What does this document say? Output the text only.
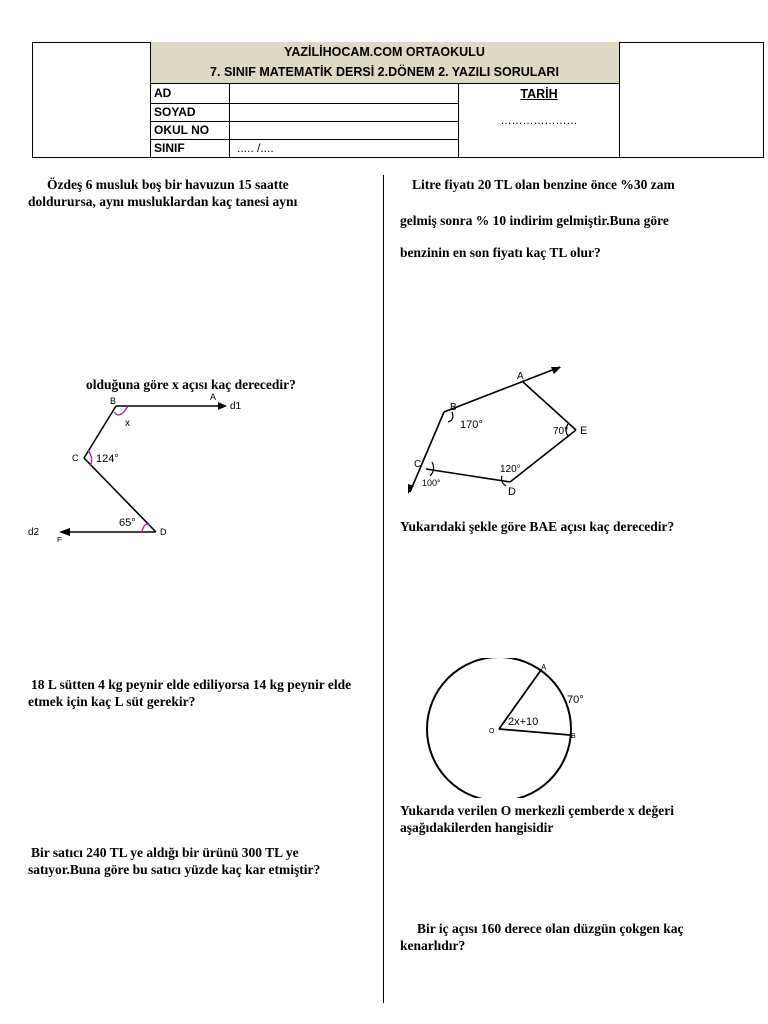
YAZİLİHOCAM.COM ORTAOKULU
7. SINIF MATEMATİK DERSİ 2.DÖNEM 2. YAZILI SORULARI
AD
SOYAD
OKUL NO
SINIF	..... /....
TARİH
…………………
Özdeş 6 musluk boş bir havuzun 15 saatte doldurursa, aynı musluklardan kaç tanesi aynı
olduğuna göre x açısı kaç derecedir?
B	A
d1
x
C 124°
65°
D
d2
E
18 L sütten 4 kg peynir elde ediliyorsa 14 kg peynir elde etmek için kaç L süt gerekir?
Bir satıcı 240 TL ye aldığı bir ürünü 300 TL ye satıyor.Buna göre bu satıcı yüzde kaç kar etmiştir?
Litre fiyatı 20 TL olan benzine önce %30 zam
gelmiş sonra % 10 indirim gelmiştir.Buna göre
benzinin en son fiyatı kaç TL olur?
A
B
170°
70° E
C	120°
100°
D
Yukarıdaki şekle göre BAE açısı kaç derecedir?
A
70°
O
2x+10
B
Yukarıda verilen O merkezli çemberde x değeri aşağıdakilerden hangisidir
Bir iç açısı 160 derece olan düzgün çokgen kaç kenarlıdır?
